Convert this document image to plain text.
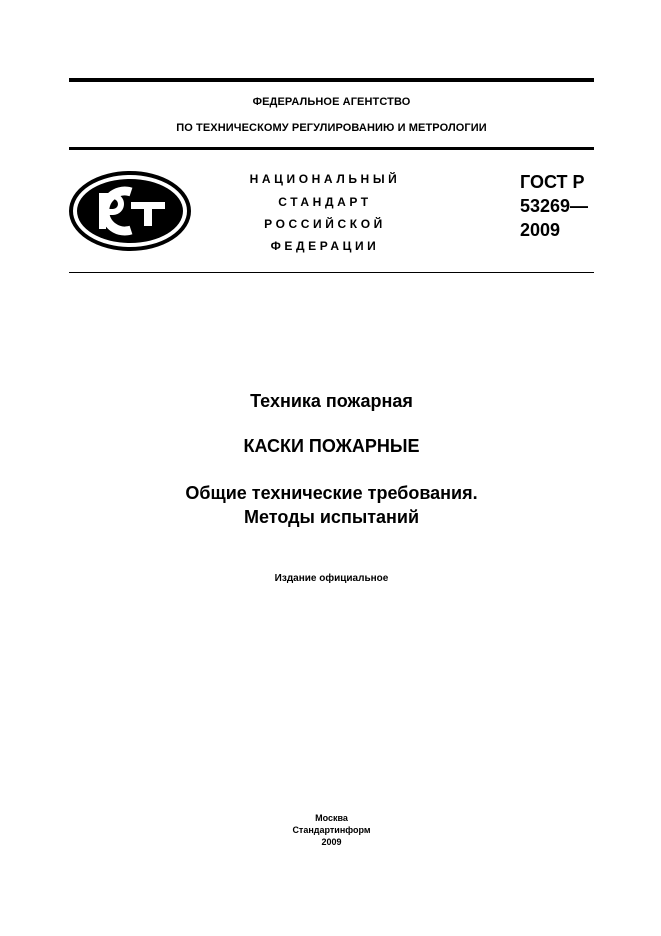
ФЕДЕРАЛЬНОЕ АГЕНТСТВО
ПО ТЕХНИЧЕСКОМУ РЕГУЛИРОВАНИЮ И МЕТРОЛОГИИ
РСТ
НАЦИОНАЛЬНЫЙ
СТАНДАРТ
РОССИЙСКОЙ
ФЕДЕРАЦИИ
ГОСТ Р
53269—
2009
Техника пожарная
КАСКИ ПОЖАРНЫЕ
Общие технические требования.
Методы испытаний
Издание официальное
Москва
Стандартинформ
2009
